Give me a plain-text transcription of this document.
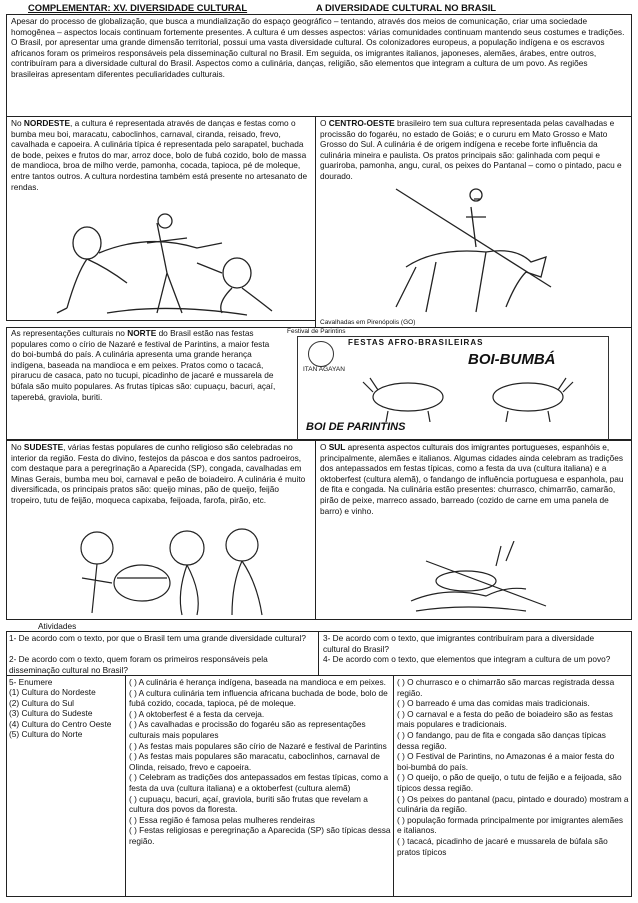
COMPLEMENTAR: XV. DIVERSIDADE CULTURAL	A DIVERSIDADE CULTURAL NO BRASIL
Apesar do processo de globalização, que busca a mundialização do espaço geográfico – tentando, através dos meios de comunicação, criar uma sociedade homogênea – aspectos locais continuam fortemente presentes. A cultura é um desses aspectos: várias comunidades continuam mantendo seus costumes e tradições. O Brasil, por apresentar uma grande dimensão territorial, possui uma vasta diversidade cultural. Os colonizadores europeus, a população indígena e os escravos africanos foram os primeiros responsáveis pela disseminação cultural no Brasil. Em seguida, os imigrantes italianos, japoneses, alemães, árabes, entre outros, contribuíram para a diversidade cultural do Brasil. Aspectos como a culinária, danças, religião, são elementos que integram a cultura de um povo. As regiões brasileiras apresentam diferentes peculiaridades culturais.
No NORDESTE, a cultura é representada através de danças e festas como o bumba meu boi, maracatu, caboclinhos, carnaval, ciranda, reisado, frevo, cavalhada e capoeira. A culinária típica é representada pelo sarapatel, buchada de bode, peixes e frutos do mar, arroz doce, bolo de fubá cozido, bolo de massa de mandioca, broa de milho verde, pamonha, cocada, tapioca, pé de moleque, entre tantos outros. A cultura nordestina também está presente no artesanato de rendas.
O CENTRO-OESTE brasileiro tem sua cultura representada pelas cavalhadas e procissão do fogaréu, no estado de Goiás; e o cururu em Mato Grosso e Mato Grosso do Sul. A culinária é de origem indígena e recebe forte influência da culinária mineira e paulista. Os pratos principais são: galinhada com pequi e guariroba, pamonha, angu, cural, os peixes do Pantanal – como o pintado, pacu e dourado.
Cavalhadas em Pirenópolis (GO)
As representações culturais no NORTE do Brasil estão nas festas populares como o círio de Nazaré e festival de Parintins, a maior festa do boi-bumbá do país. A culinária apresenta uma grande herança indígena, baseada na mandioca e em peixes. Pratos como o tacacá, pirarucu de casaca, pato no tucupi, picadinho de jacaré e mussarela de búfala são muito populares. As frutas típicas são: cupuaçu, bacuri, açaí, taperebá, graviola, buriti.
Festival de Parintins
FESTAS AFRO-BRASILEIRAS
ITAN AGAYAN
BOI-BUMBÁ
BOI DE PARINTINS
No SUDESTE, várias festas populares de cunho religioso são celebradas no interior da região. Festa do divino, festejos da páscoa e dos santos padroeiros, com destaque para a peregrinação a Aparecida (SP), congada, cavalhadas em Minas Gerais, bumba meu boi, carnaval e peão de boiadeiro. A culinária é muito diversificada, os principais pratos são: queijo minas, pão de queijo, feijão tropeiro, tutu de feijão, moqueca capixaba, feijoada, farofa, pirão, etc.
O SUL apresenta aspectos culturais dos imigrantes portugueses, espanhóis e, principalmente, alemães e italianos. Algumas cidades ainda celebram as tradições dos antepassados em festas típicas, como a festa da uva (cultura italiana) e a oktoberfest (cultura alemã), o fandango de influência portuguesa e espanhola, pau de fita e congada. Na culinária estão presentes: churrasco, chimarrão, camarão, pirão de peixe, marreco assado, barreado (cozido de carne em uma panela de barro) e vinho.
Atividades
1- De acordo com o texto, por que o Brasil tem uma grande diversidade cultural?
2- De acordo com o texto, quem foram os primeiros responsáveis pela disseminação cultural no Brasil?
3- De acordo com o texto, que imigrantes contribuíram para a diversidade cultural do Brasil?
4- De acordo com o texto, que elementos que integram a cultura de um povo?
5- Enumere
(1) Cultura do Nordeste
(2) Cultura do Sul
(3) Cultura do Sudeste
(4) Cultura do Centro Oeste
(5) Cultura do Norte
( ) A culinária é herança indígena, baseada na mandioca e em peixes.
( ) A cultura culinária tem influencia africana buchada de bode, bolo de fubá cozido, cocada, tapioca, pé de moleque.
( ) A oktoberfest é a festa da cerveja.
( ) As cavalhadas e procissão do fogaréu são as representações culturais mais populares
( ) As festas mais populares são círio de Nazaré e festival de Parintins
( ) As festas mais populares são maracatu, caboclinhos, carnaval de Olinda, reisado, frevo e capoeira.
( ) Celebram as tradições dos antepassados em festas típicas, como a festa da uva (cultura italiana) e a oktoberfest (cultura alemã)
( ) cupuaçu, bacuri, açaí, graviola, buriti são frutas que revelam a cultura dos povos da floresta.
( ) Essa região é famosa pelas mulheres rendeiras
( ) Festas religiosas e peregrinação a Aparecida (SP) são típicas dessa região.
( ) O churrasco e o chimarrão são marcas registrada dessa região.
( ) O barreado é uma das comidas mais tradicionais.
( ) O carnaval e a festa do peão de boiadeiro são as festas mais populares e tradicionais.
( ) O fandango, pau de fita e congada são danças típicas dessa região.
( ) O Festival de Parintins, no Amazonas é a maior festa do boi-bumbá do país.
( ) O queijo, o pão de queijo, o tutu de feijão e a feijoada, são típicos dessa região.
( ) Os peixes do pantanal (pacu, pintado e dourado) mostram a culinária da região.
( ) população formada principalmente por imigrantes alemães e italianos.
( ) tacacá, picadinho de jacaré e mussarela de búfala são pratos típicos
